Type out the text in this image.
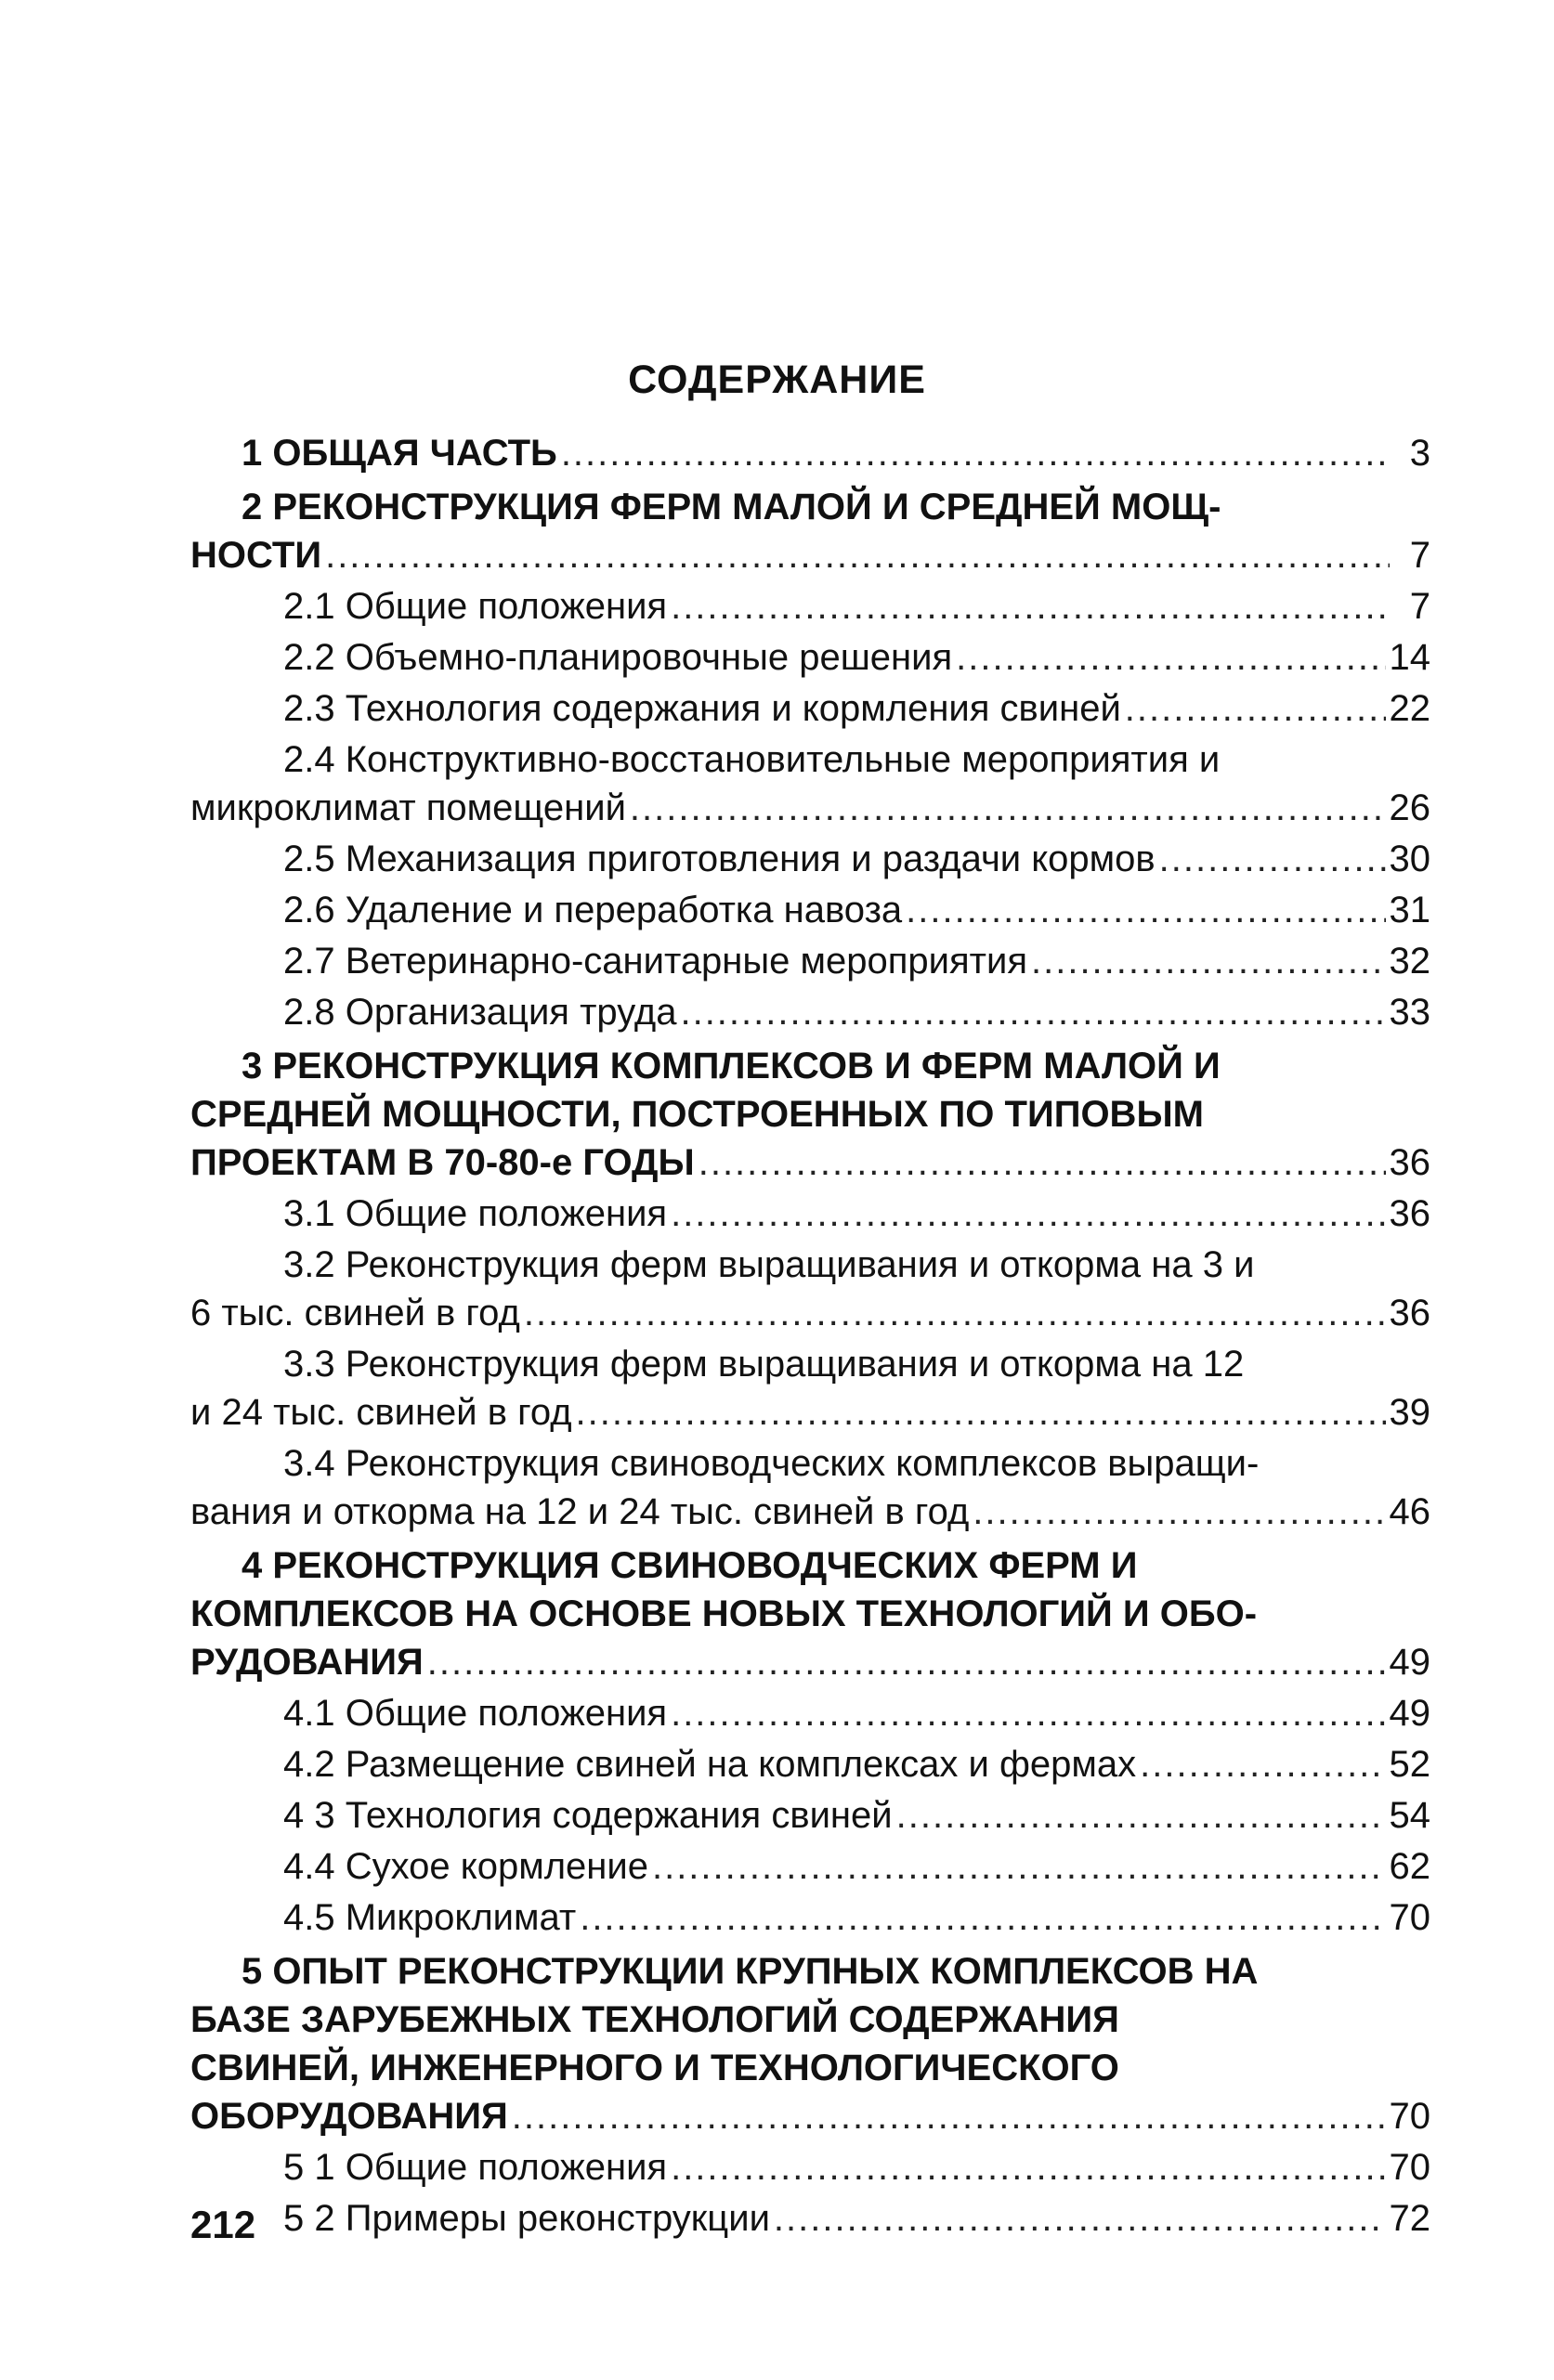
СОДЕРЖАНИЕ
1 ОБЩАЯ ЧАСТЬ .....	3
2 РЕКОНСТРУКЦИЯ ФЕРМ МАЛОЙ И СРЕДНЕЙ МОЩ-
НОСТИ .....	7
2.1 Общие положения .....	7
2.2 Объемно-планировочные решения .....	14
2.3 Технология содержания и кормления свиней .....	22
2.4 Конструктивно-восстановительные мероприятия и
микроклимат помещений .....	26
2.5 Механизация приготовления и раздачи кормов .....	30
2.6 Удаление и переработка навоза .....	31
2.7 Ветеринарно-санитарные мероприятия .....	32
2.8 Организация труда .....	33
3 РЕКОНСТРУКЦИЯ КОМПЛЕКСОВ И ФЕРМ МАЛОЙ И
СРЕДНЕЙ МОЩНОСТИ, ПОСТРОЕННЫХ ПО ТИПОВЫМ
ПРОЕКТАМ В 70-80-е ГОДЫ .....	36
3.1 Общие положения .....	36
3.2 Реконструкция ферм выращивания и откорма на 3 и
6 тыс. свиней в год .....	36
3.3 Реконструкция ферм выращивания и откорма на 12
и 24 тыс. свиней в год .....	39
3.4 Реконструкция свиноводческих комплексов выращи-
вания и откорма на 12 и 24 тыс. свиней в год .....	46
4 РЕКОНСТРУКЦИЯ СВИНОВОДЧЕСКИХ ФЕРМ И
КОМПЛЕКСОВ НА ОСНОВЕ НОВЫХ ТЕХНОЛОГИЙ И ОБО-
РУДОВАНИЯ .....	49
4.1 Общие положения .....	49
4.2 Размещение свиней на комплексах и фермах .....	52
4 3 Технология содержания свиней .....	54
4.4 Сухое кормление .....	62
4.5 Микроклимат .....	70
5 ОПЫТ РЕКОНСТРУКЦИИ КРУПНЫХ КОМПЛЕКСОВ НА
БАЗЕ ЗАРУБЕЖНЫХ ТЕХНОЛОГИЙ СОДЕРЖАНИЯ
СВИНЕЙ, ИНЖЕНЕРНОГО И ТЕХНОЛОГИЧЕСКОГО
ОБОРУДОВАНИЯ .....	70
5 1 Общие положения .....	70
5 2 Примеры реконструкции .....	72
212
